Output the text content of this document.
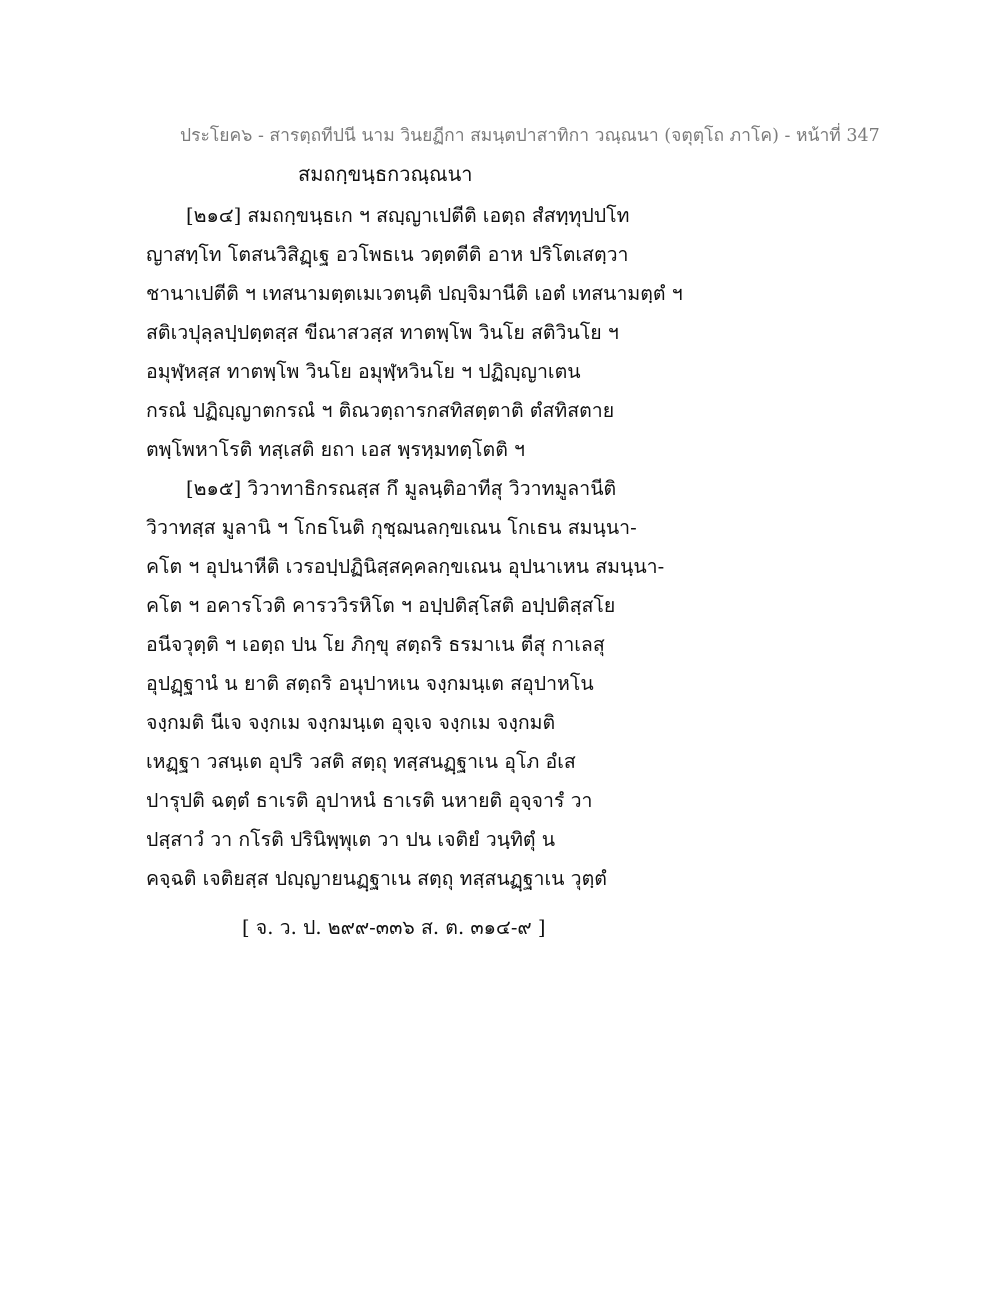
ประโยค๖ - สารตฺถทีปนี นาม วินยฏีกา สมนฺตปาสาทิกา วณฺณนา (จตุตฺโถ ภาโค) - หน้าที่ 347
สมถกฺขนฺธกวณฺณนา
[๒๑๔] สมถกฺขนฺธเก ฯ สญฺญาเปตีติ เอตฺถ สํสทฺทุปปโท
ญาสทฺโท โตสนวิสิฏฺเฐ อวโพธเน วตฺตตีติ อาห ปริโตเสตฺวา
ชานาเปตีติ ฯ เทสนามตฺตเมเวตนฺติ ปญฺจิมานีติ เอตํ เทสนามตฺตํ ฯ
สติเวปุลฺลปฺปตฺตสฺส ขีณาสวสฺส ทาตพฺโพ วินโย สติวินโย ฯ
อมุฬฺหสฺส ทาตพฺโพ วินโย อมุฬฺหวินโย ฯ ปฏิญฺญาเตน
กรณํ ปฏิญฺญาตกรณํ ฯ ติณวตฺถารกสทิสตฺตาติ ตํสทิสตาย
ตพฺโพหาโรติ ทสฺเสติ ยถา เอส พฺรหฺมทตฺโตติ ฯ
[๒๑๕] วิวาทาธิกรณสฺส กึ มูลนฺติอาทีสุ วิวาทมูลานีติ
วิวาทสฺส มูลานิ ฯ โกธโนติ กุชฺฌนลกฺขเณน โกเธน สมนฺนา-
คโต ฯ อุปนาหีติ เวรอปฺปฏินิสฺสคฺคลกฺขเณน อุปนาเหน สมนฺนา-
คโต ฯ อคารโวติ คารววิรหิโต ฯ อปฺปติสฺโสติ อปฺปติสฺสโย
อนีจวุตฺติ ฯ เอตฺถ ปน โย ภิกฺขุ สตฺถริ ธรมาเน ตีสุ กาเลสุ
อุปฏฺฐานํ น ยาติ สตฺถริ อนุปาหเน จงฺกมนฺเต สอุปาหโน
จงฺกมติ นีเจ จงฺกเม จงฺกมนฺเต อุจฺเจ จงฺกเม จงฺกมติ
เหฏฺฐา วสนฺเต อุปริ วสติ สตฺถุ ทสฺสนฏฺฐาเน อุโภ อํเส
ปารุปติ ฉตฺตํ ธาเรติ อุปาหนํ ธาเรติ นหายติ อุจฺจารํ วา
ปสฺสาวํ วา กโรติ ปรินิพฺพุเต วา ปน เจติยํ วนฺทิตุํ น
คจฺฉติ เจติยสฺส ปญฺญายนฏฺฐาเน สตฺถุ ทสฺสนฏฺฐาเน วุตฺตํ
[ จ. ว. ป. ๒๙๙-๓๓๖ ส. ต. ๓๑๔-๙ ]
